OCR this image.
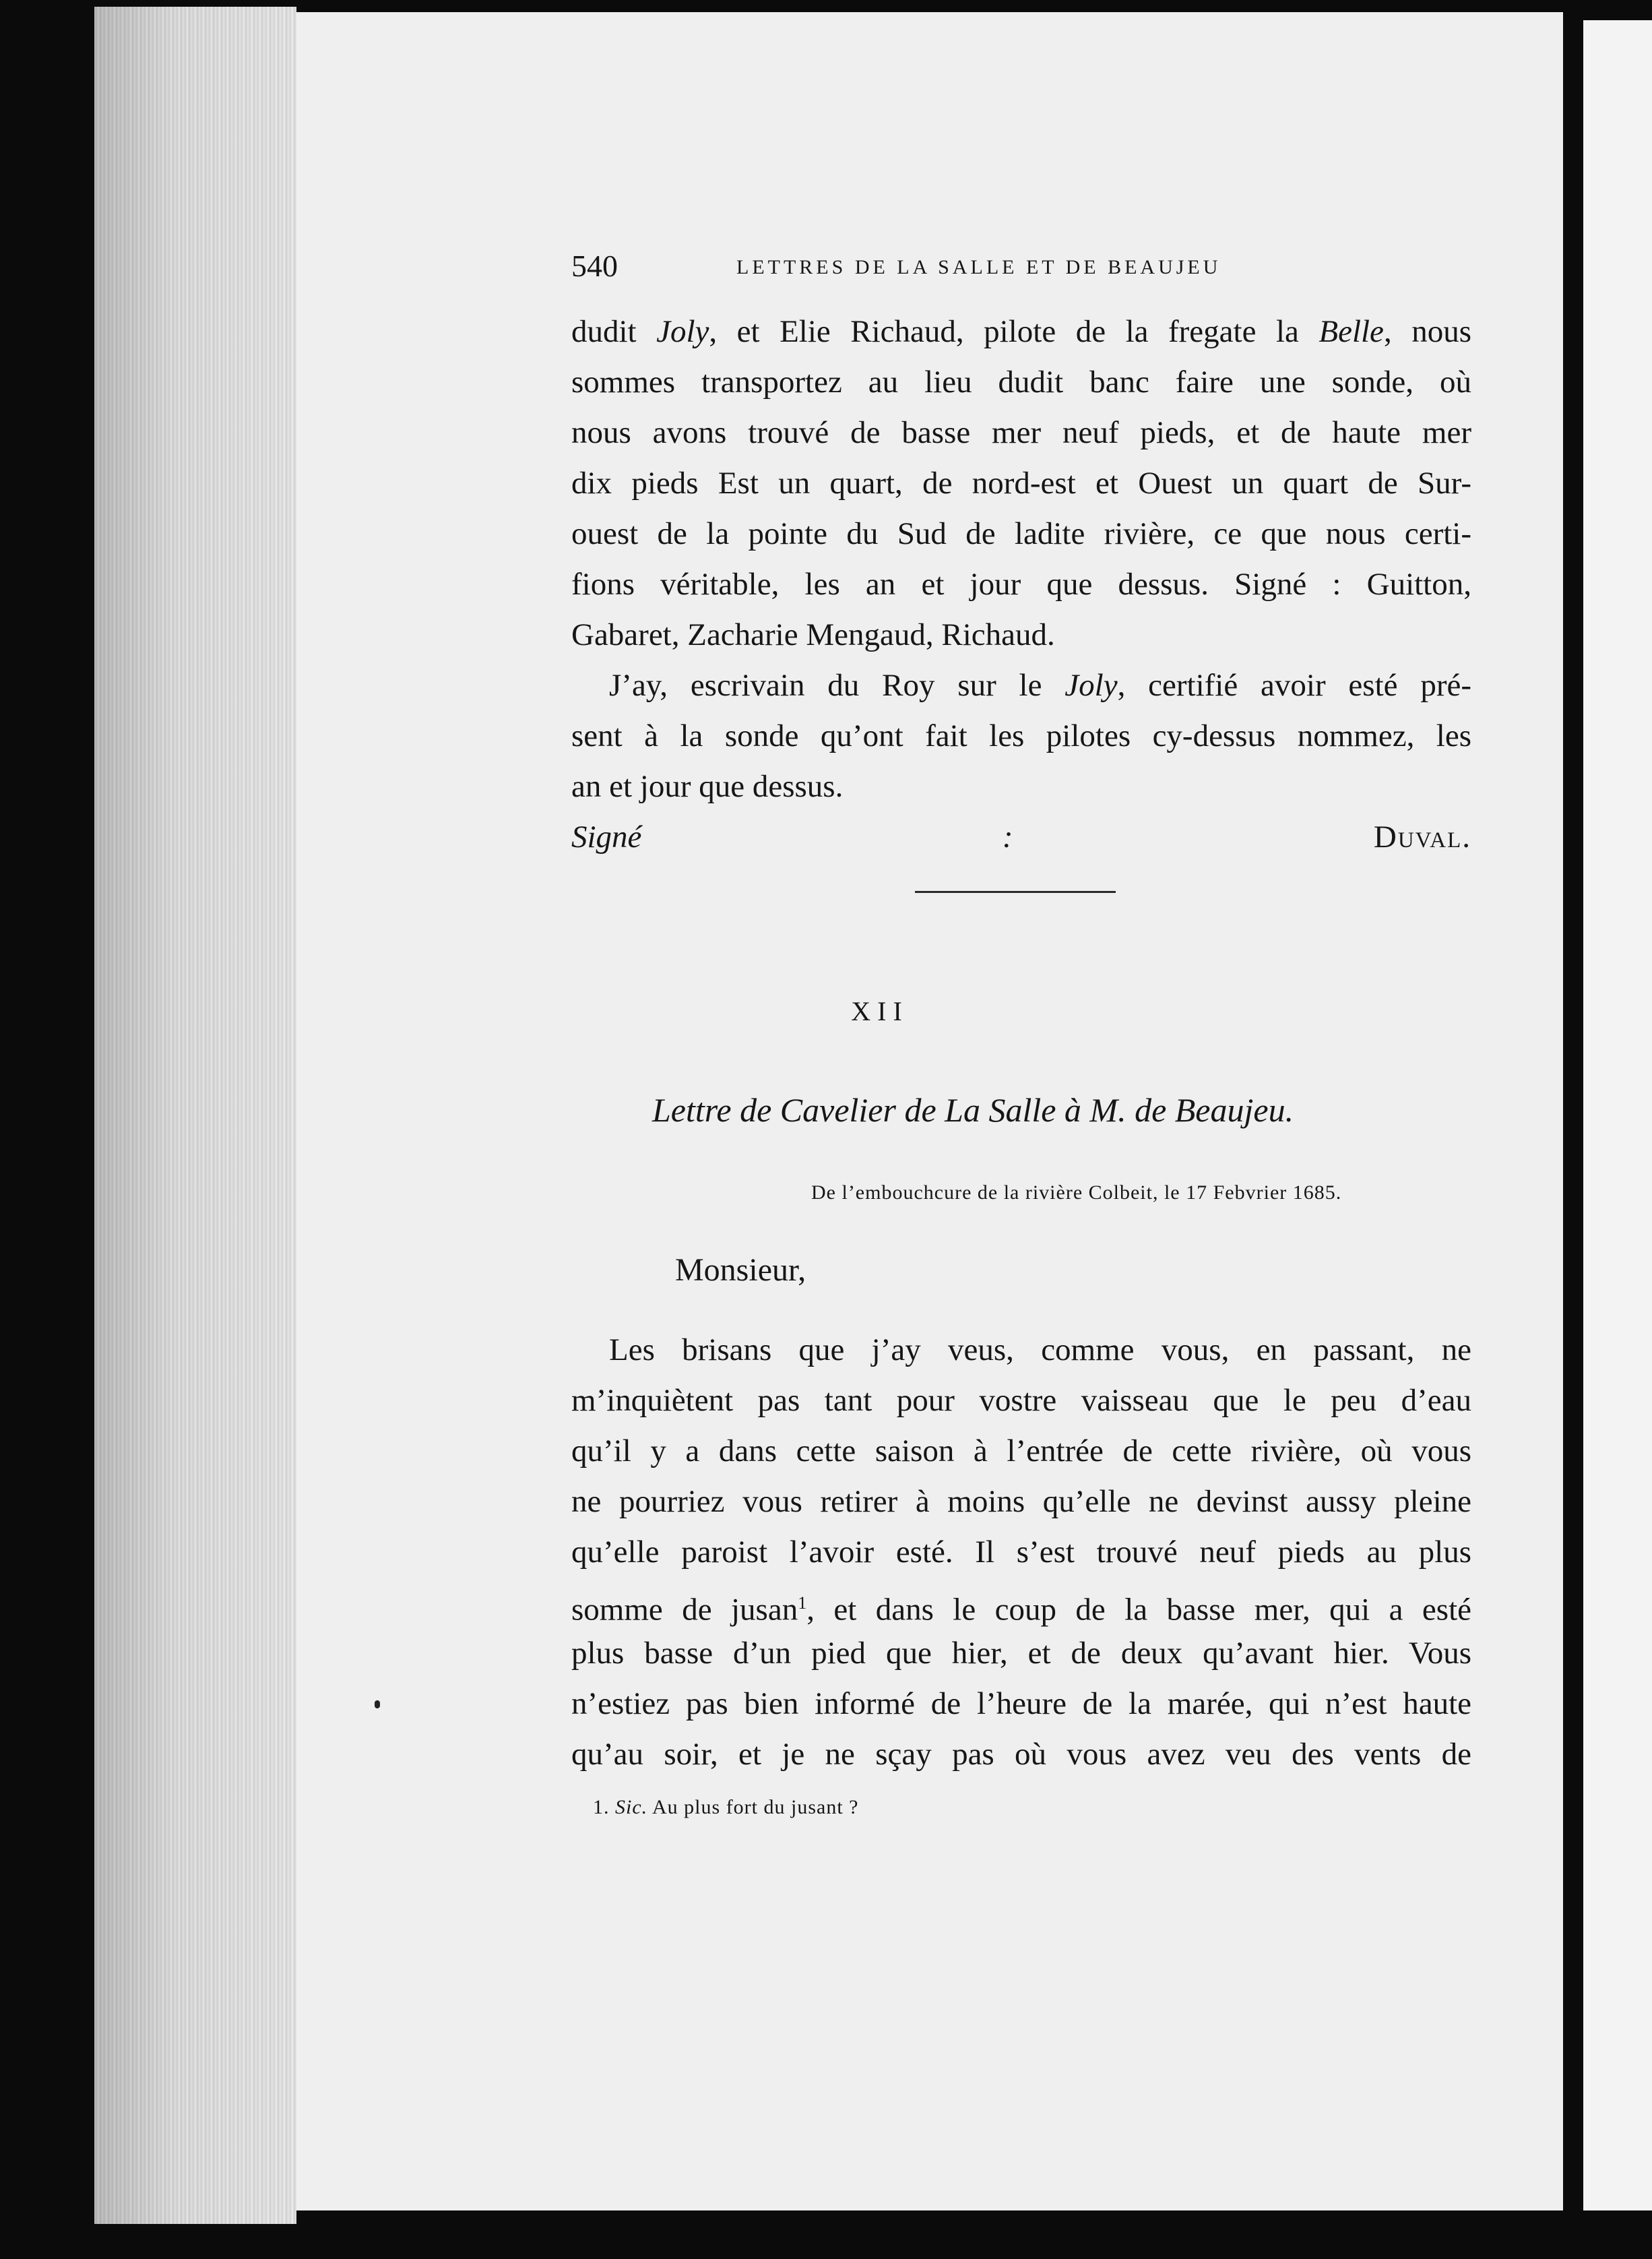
540	LETTRES DE LA SALLE ET DE BEAUJEU
dudit Joly, et Elie Richaud, pilote de la fregate la Belle, nous
sommes transportez au lieu dudit banc faire une sonde, où
nous avons trouvé de basse mer neuf pieds, et de haute mer
dix pieds Est un quart, de nord-est et Ouest un quart de Sur-
ouest de la pointe du Sud de ladite rivière, ce que nous certi-
fions véritable, les an et jour que dessus. Signé : Guitton,
Gabaret, Zacharie Mengaud, Richaud.
J’ay, escrivain du Roy sur le Joly, certifié avoir esté pré-
sent à la sonde qu’ont fait les pilotes cy-dessus nommez, les
an et jour que dessus.
Signé :	Duval.
XII
Lettre de Cavelier de La Salle à M. de Beaujeu.
De l’embouchcure de la rivière Colbeit, le 17 Febvrier 1685.
Monsieur,
Les brisans que j’ay veus, comme vous, en passant, ne
m’inquiètent pas tant pour vostre vaisseau que le peu d’eau
qu’il y a dans cette saison à l’entrée de cette rivière, où vous
ne pourriez vous retirer à moins qu’elle ne devinst aussy pleine
qu’elle paroist l’avoir esté. Il s’est trouvé neuf pieds au plus
somme de jusan$^1$, et dans le coup de la basse mer, qui a esté
plus basse d’un pied que hier, et de deux qu’avant hier. Vous
n’estiez pas bien informé de l’heure de la marée, qui n’est haute
qu’au soir, et je ne sçay pas où vous avez veu des vents de
1. Sic. Au plus fort du jusant ?
